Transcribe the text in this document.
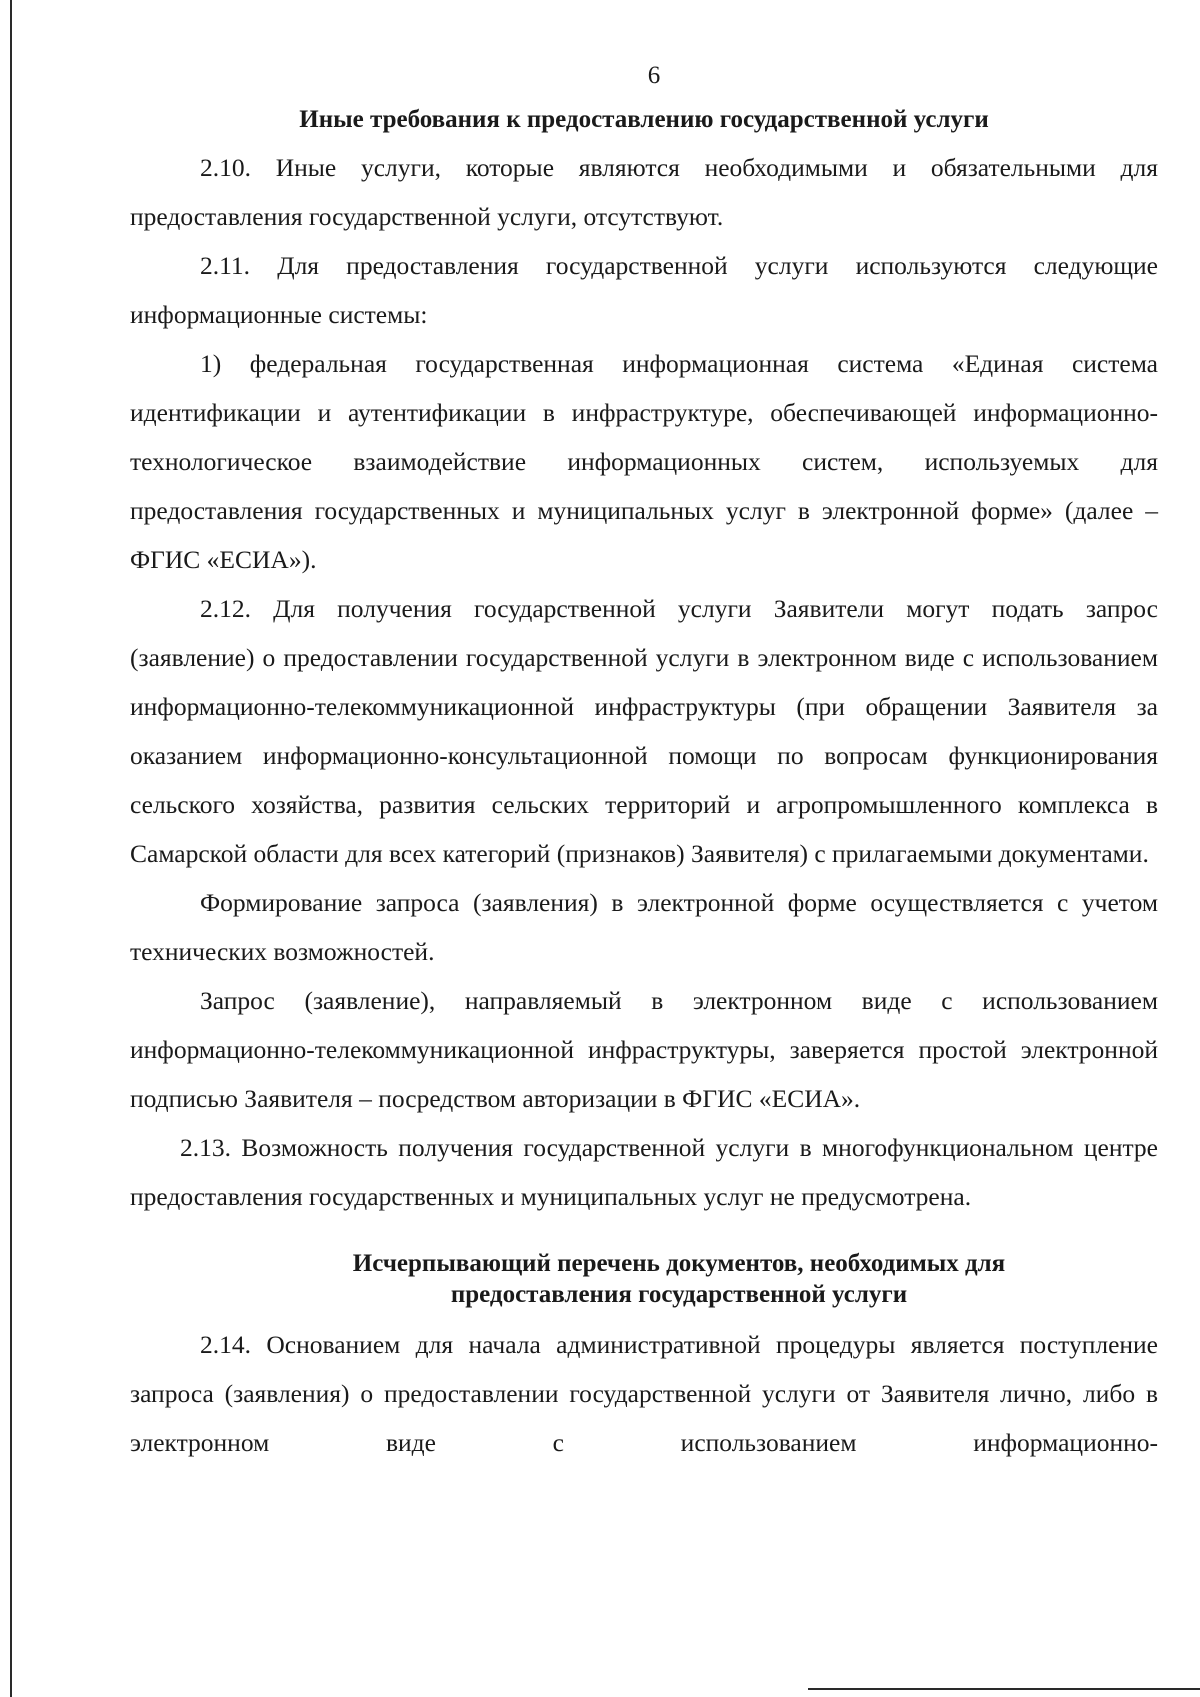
6
Иные требования к предоставлению государственной услуги

2.10. Иные услуги, которые являются необходимыми и обязательными для предоставления государственной услуги, отсутствуют.

2.11. Для предоставления государственной услуги используются следующие информационные системы:

1) федеральная государственная информационная система «Единая система идентификации и аутентификации в инфраструктуре, обеспечивающей информационно-технологическое взаимодействие информационных систем, используемых для предоставления государственных и муниципальных услуг в электронной форме» (далее – ФГИС «ЕСИА»).

2.12. Для получения государственной услуги Заявители могут подать запрос (заявление) о предоставлении государственной услуги в электронном виде с использованием информационно-телекоммуникационной инфраструктуры (при обращении Заявителя за оказанием информационно-консультационной помощи по вопросам функционирования сельского хозяйства, развития сельских территорий и агропромышленного комплекса в Самарской области для всех категорий (признаков) Заявителя) с прилагаемыми документами.

Формирование запроса (заявления) в электронной форме осуществляется с учетом технических возможностей.

Запрос (заявление), направляемый в электронном виде с использованием информационно-телекоммуникационной инфраструктуры, заверяется простой электронной подписью Заявителя – посредством авторизации в ФГИС «ЕСИА».

2.13. Возможность получения государственной услуги в многофункциональном центре предоставления государственных и муниципальных услуг не предусмотрена.

Исчерпывающий перечень документов, необходимых для
предоставления государственной услуги

2.14. Основанием для начала административной процедуры является поступление запроса (заявления) о предоставлении государственной услуги от Заявителя лично, либо в электронном виде с использованием информационно-
